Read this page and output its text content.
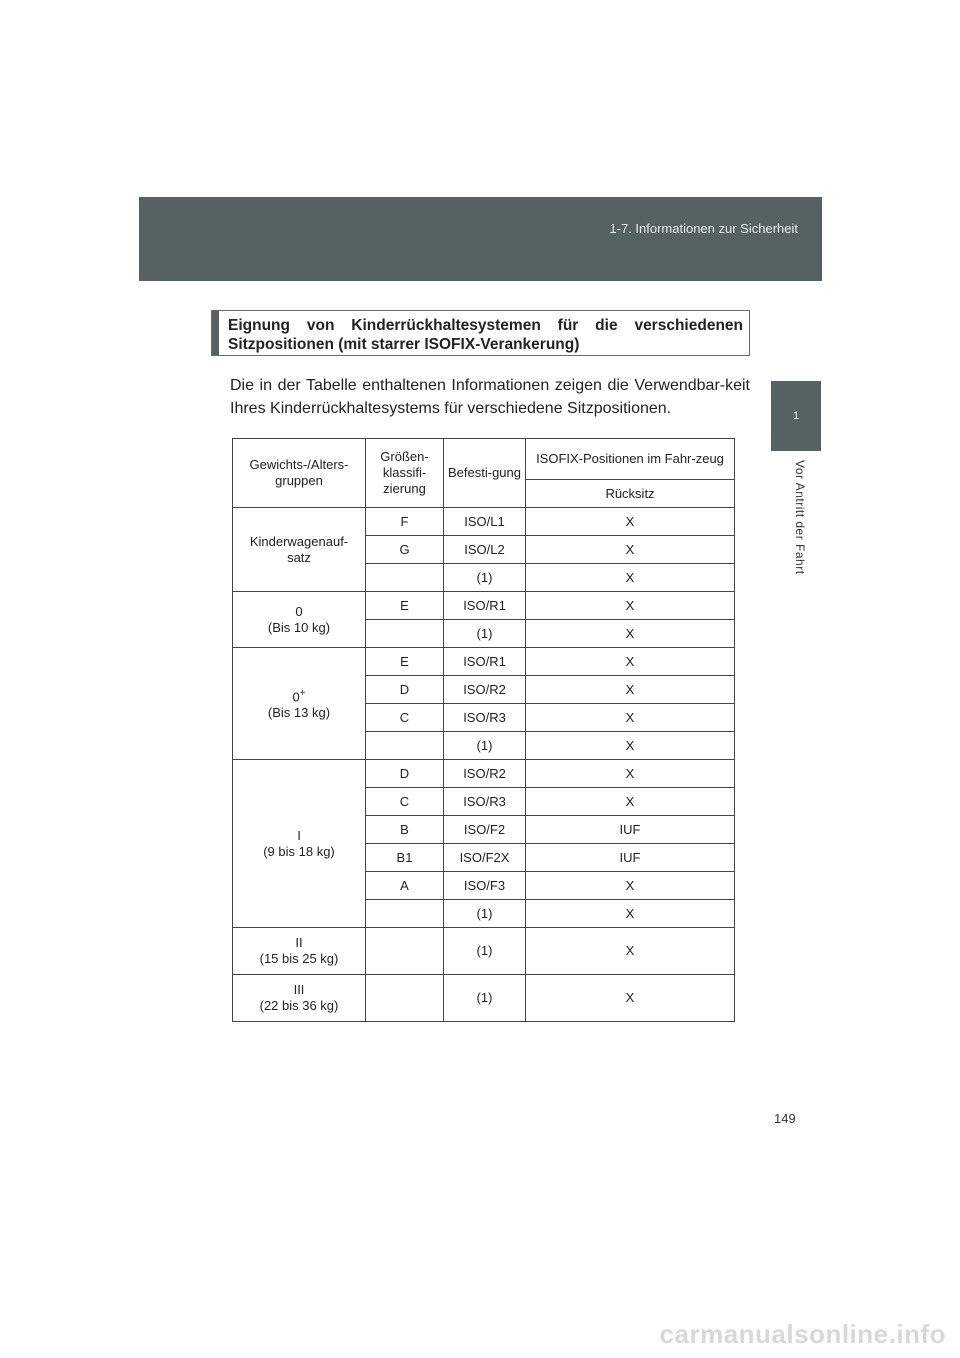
1-7. Informationen zur Sicherheit
1
Vor Antritt der Fahrt
Eignung von Kinderrückhaltesystemen für die verschiedenen Sitzpositionen (mit starrer ISOFIX-Verankerung)
Die in der Tabelle enthaltenen Informationen zeigen die Verwendbar-keit Ihres Kinderrückhaltesystems für verschiedene Sitzpositionen.
Gewichts-/Alters-gruppen	Größen-klassifi-zierung	Befesti-gung	ISOFIX-Positionen im Fahr-zeug
			Rücksitz

Kinderwagenauf-
satz	F	ISO/L1	X
	G	ISO/L2	X
		(1)	X

0
(Bis 10 kg)	E	ISO/R1	X
		(1)	X

0+
(Bis 13 kg)	E	ISO/R1	X
	D	ISO/R2	X
	C	ISO/R3	X
		(1)	X

I
(9 bis 18 kg)	D	ISO/R2	X
	C	ISO/R3	X
	B	ISO/F2	IUF
	B1	ISO/F2X	IUF
	A	ISO/F3	X
		(1)	X

II
(15 bis 25 kg)		(1)	X

III
(22 bis 36 kg)		(1)	X
149
carmanualsonline.info
